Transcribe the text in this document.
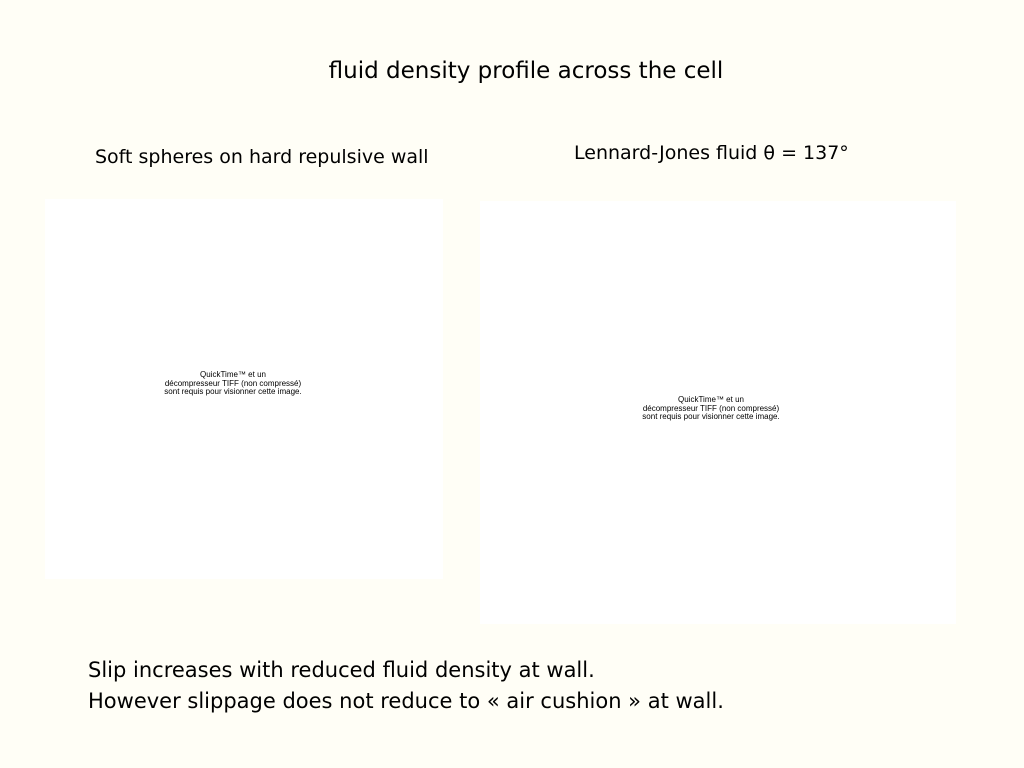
fluid density profile across the cell
Soft spheres on hard repulsive wall	Lennard-Jones fluid θ = 137°
QuickTime™ et un
décompresseur TIFF (non compressé)
sont requis pour visionner cette image.
QuickTime™ et un
décompresseur TIFF (non compressé)
sont requis pour visionner cette image.
Slip increases with reduced fluid density at wall.
However slippage does not reduce to « air cushion » at wall.
